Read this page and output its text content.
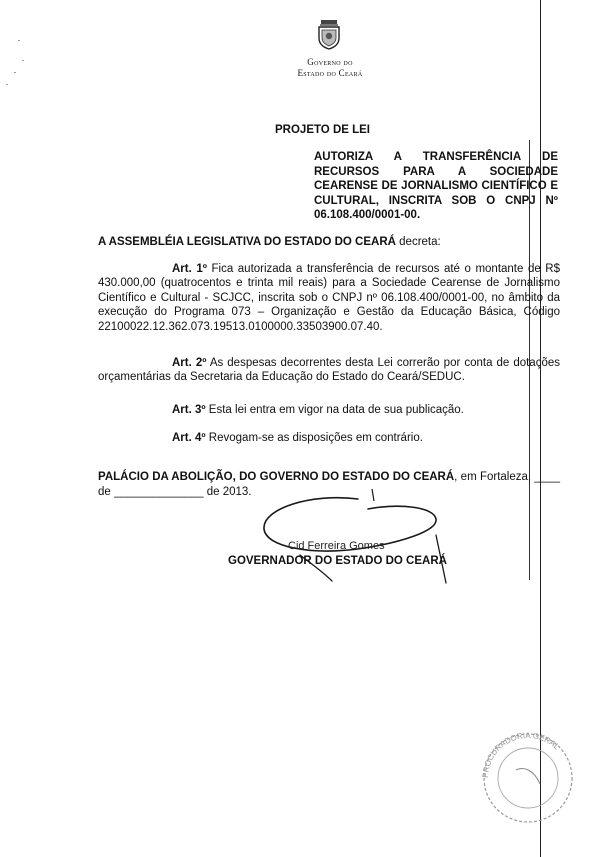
Governo do
Estado do Ceará
PROJETO DE LEI
AUTORIZA A TRANSFERÊNCIA DE RECURSOS PARA A SOCIEDADE CEARENSE DE JORNALISMO CIENTÍFICO E CULTURAL, INSCRITA SOB O CNPJ Nº 06.108.400/0001-00.
A ASSEMBLÉIA LEGISLATIVA DO ESTADO DO CEARÁ decreta:
Art. 1º Fica autorizada a transferência de recursos até o montante de R$ 430.000,00 (quatrocentos e trinta mil reais) para a Sociedade Cearense de Jornalismo Científico e Cultural - SCJCC, inscrita sob o CNPJ nº 06.108.400/0001-00, no âmbito da execução do Programa 073 – Organização e Gestão da Educação Básica, Código 22100022.12.362.073.19513.0100000.33503900.07.40.
Art. 2º As despesas decorrentes desta Lei correrão por conta de dotações orçamentárias da Secretaria da Educação do Estado do Ceará/SEDUC.
Art. 3º Esta lei entra em vigor na data de sua publicação.
Art. 4º Revogam-se as disposições em contrário.
PALÁCIO DA ABOLIÇÃO, DO GOVERNO DO ESTADO DO CEARÁ, em Fortaleza, ____ de ______________ de 2013.
Cid Ferreira Gomes
GOVERNADOR DO ESTADO DO CEARÁ
PROCURADORIA GERAL
